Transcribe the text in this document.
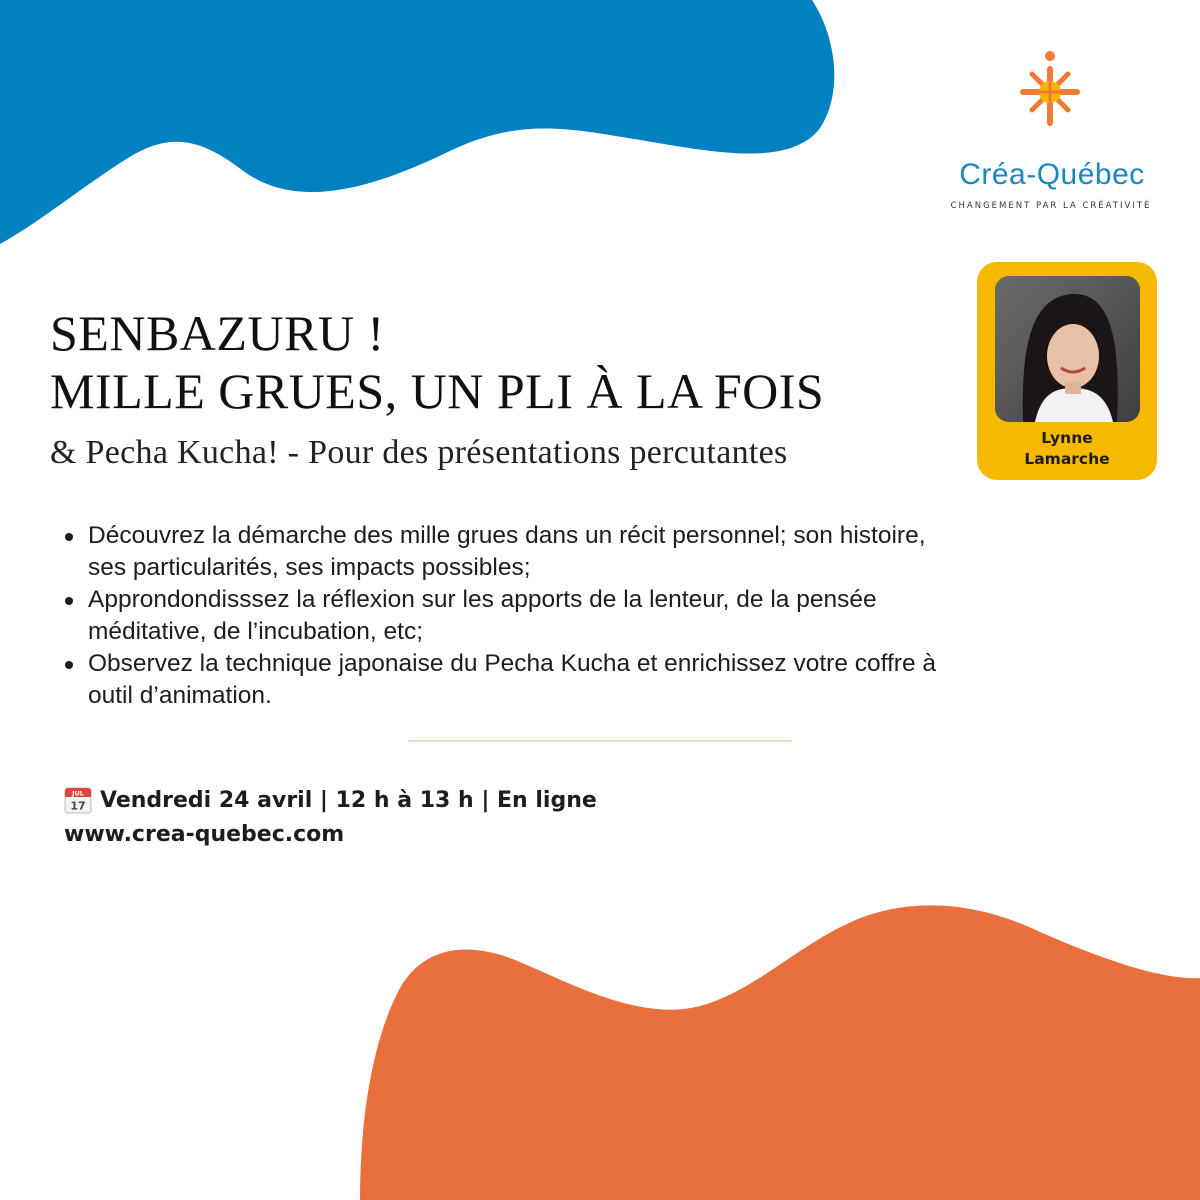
Créa-Québec

CHANGEMENT PAR LA CRÉATIVITÉ

SENBAZURU !
MILLE GRUES, UN PLI À LA FOIS

& Pecha Kucha! - Pour des présentations percutantes	Lynne
Lamarche
Découvrez la démarche des mille grues dans un récit personnel; son histoire, ses particularités, ses impacts possibles;
Approndondisssez la réflexion sur les apports de la lenteur, de la pensée méditative, de l’incubation, etc;
Observez la technique japonaise du Pecha Kucha et enrichissez votre coffre à outil d’animation.
JUL
17 Vendredi 24 avril | 12 h à 13 h | En ligne

www.crea-quebec.com
